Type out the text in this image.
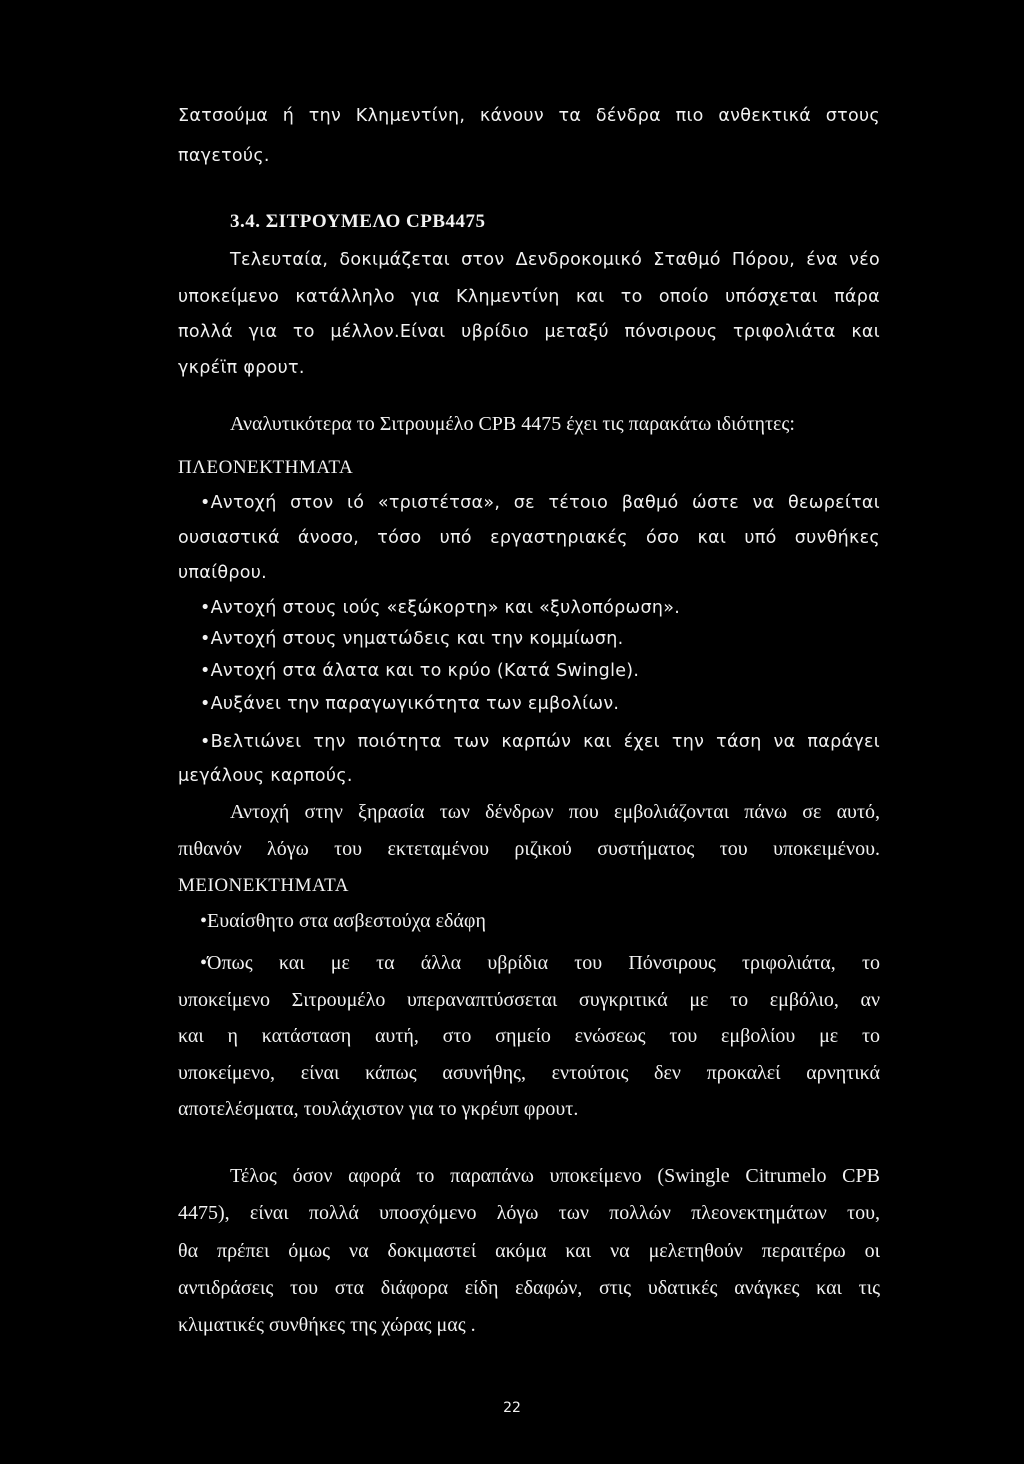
Σατσούμα ή την Κλημεντίνη, κάνουν τα δένδρα πιο ανθεκτικά στους
παγετούς.
3.4. ΣΙΤΡΟΥΜΕΛΟ CPB4475
Τελευταία, δοκιμάζεται στον Δενδροκομικό Σταθμό Πόρου, ένα νέο
υποκείμενο κατάλληλο για Κλημεντίνη και το οποίο υπόσχεται πάρα
πολλά για το μέλλον.Είναι υβρίδιο μεταξύ πόνσιρους τριφολιάτα και
γκρέϊπ φρουτ.
Αναλυτικότερα το Σιτρουμέλο CPB 4475 έχει τις παρακάτω ιδιότητες:
ΠΛΕΟΝΕΚΤΗΜΑΤΑ
•Αντοχή στον ιό «τριστέτσα», σε τέτοιο βαθμό ώστε να θεωρείται
ουσιαστικά άνοσο, τόσο υπό εργαστηριακές όσο και υπό συνθήκες
υπαίθρου.
•Αντοχή στους ιούς «εξώκορτη» και «ξυλοπόρωση».
•Αντοχή στους νηματώδεις και την κομμίωση.
•Αντοχή στα άλατα και το κρύο (Κατά Swingle).
•Αυξάνει την παραγωγικότητα των εμβολίων.
•Βελτιώνει την ποιότητα των καρπών και έχει την τάση να παράγει
μεγάλους καρπούς.
Αντοχή στην ξηρασία των δένδρων που εμβολιάζονται πάνω σε αυτό,
πιθανόν λόγω του εκτεταμένου ριζικού συστήματος του υποκειμένου.
ΜΕΙΟΝΕΚΤΗΜΑΤΑ
•Ευαίσθητο στα ασβεστούχα εδάφη
•Όπως και με τα άλλα υβρίδια του Πόνσιρους τριφολιάτα, το
υποκείμενο Σιτρουμέλο υπεραναπτύσσεται συγκριτικά με το εμβόλιο, αν
και η κατάσταση αυτή, στο σημείο ενώσεως του εμβολίου με το
υποκείμενο, είναι κάπως ασυνήθης, εντούτοις δεν προκαλεί αρνητικά
αποτελέσματα, τουλάχιστον για το γκρέυπ φρουτ.
Τέλος όσον αφορά το παραπάνω υποκείμενο (Swingle Citrumelo CPB
4475), είναι πολλά υποσχόμενο λόγω των πολλών πλεονεκτημάτων του,
θα πρέπει όμως να δοκιμαστεί ακόμα και να μελετηθούν περαιτέρω οι
αντιδράσεις του στα διάφορα είδη εδαφών, στις υδατικές ανάγκες και τις
κλιματικές συνθήκες της χώρας μας .
22
